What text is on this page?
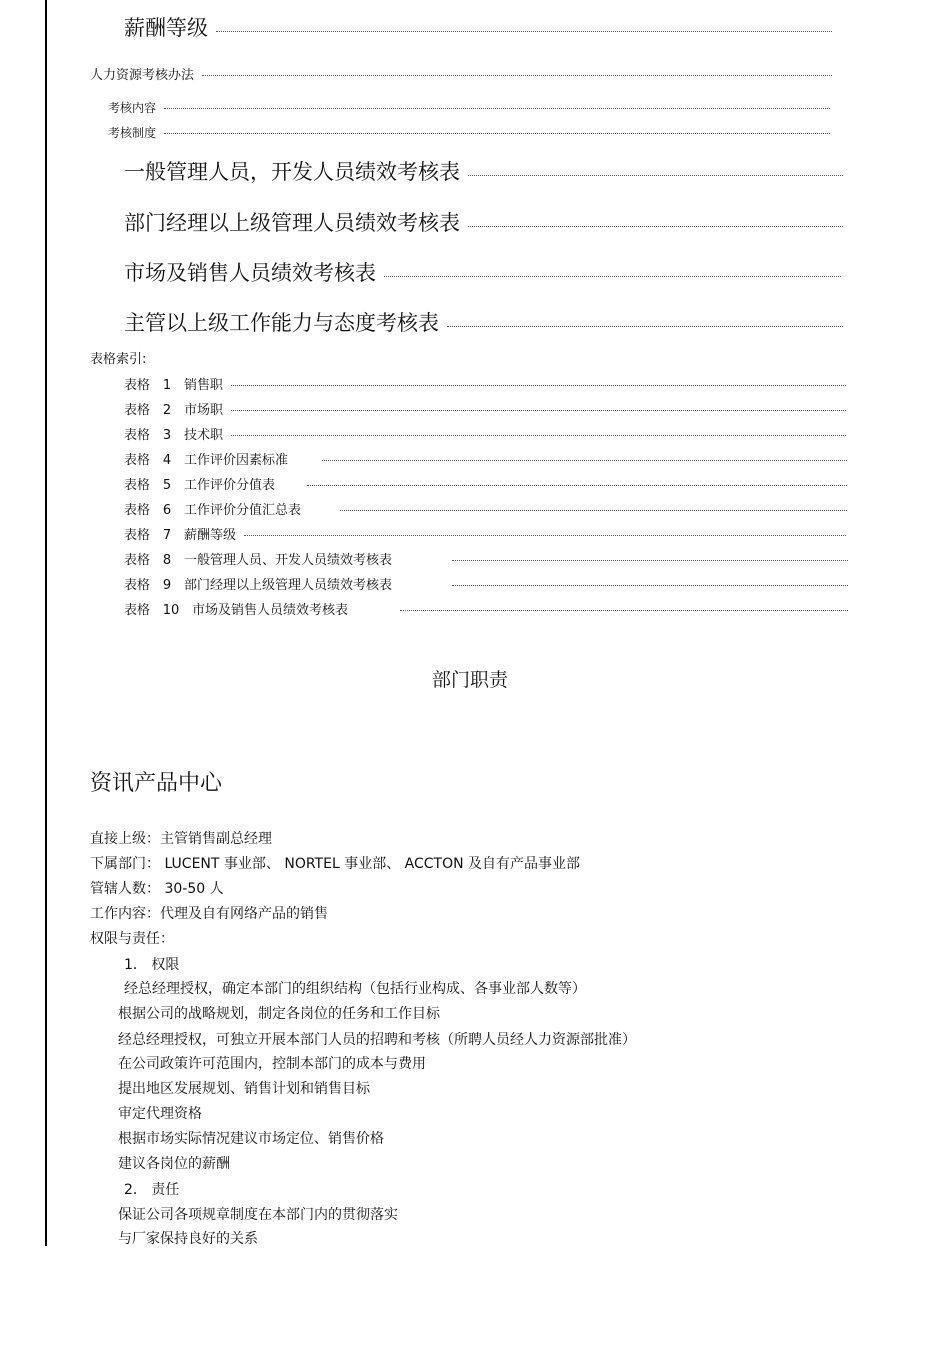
薪酬等级
人力资源考核办法
考核内容
考核制度
一般管理人员，开发人员绩效考核表
部门经理以上级管理人员绩效考核表
市场及销售人员绩效考核表
主管以上级工作能力与态度考核表
表格索引:
表格 1 销售职
表格 2 市场职
表格 3 技术职
表格 4 工作评价因素标准
表格 5 工作评价分值表
表格 6 工作评价分值汇总表
表格 7 薪酬等级
表格 8 一般管理人员、开发人员绩效考核表
表格 9 部门经理以上级管理人员绩效考核表
表格 10 市场及销售人员绩效考核表
部门职责
资讯产品中心
直接上级：主管销售副总经理
下属部门： LUCENT 事业部、 NORTEL 事业部、 ACCTON 及自有产品事业部
管辖人数： 30-50 人
工作内容：代理及自有网络产品的销售
权限与责任：
1． 权限
经总经理授权，确定本部门的组织结构（包括行业构成、各事业部人数等）
根据公司的战略规划，制定各岗位的任务和工作目标
经总经理授权，可独立开展本部门人员的招聘和考核（所聘人员经人力资源部批准）
在公司政策许可范围内，控制本部门的成本与费用
提出地区发展规划、销售计划和销售目标
审定代理资格
根据市场实际情况建议市场定位、销售价格
建议各岗位的薪酬
2． 责任
保证公司各项规章制度在本部门内的贯彻落实
与厂家保持良好的关系
